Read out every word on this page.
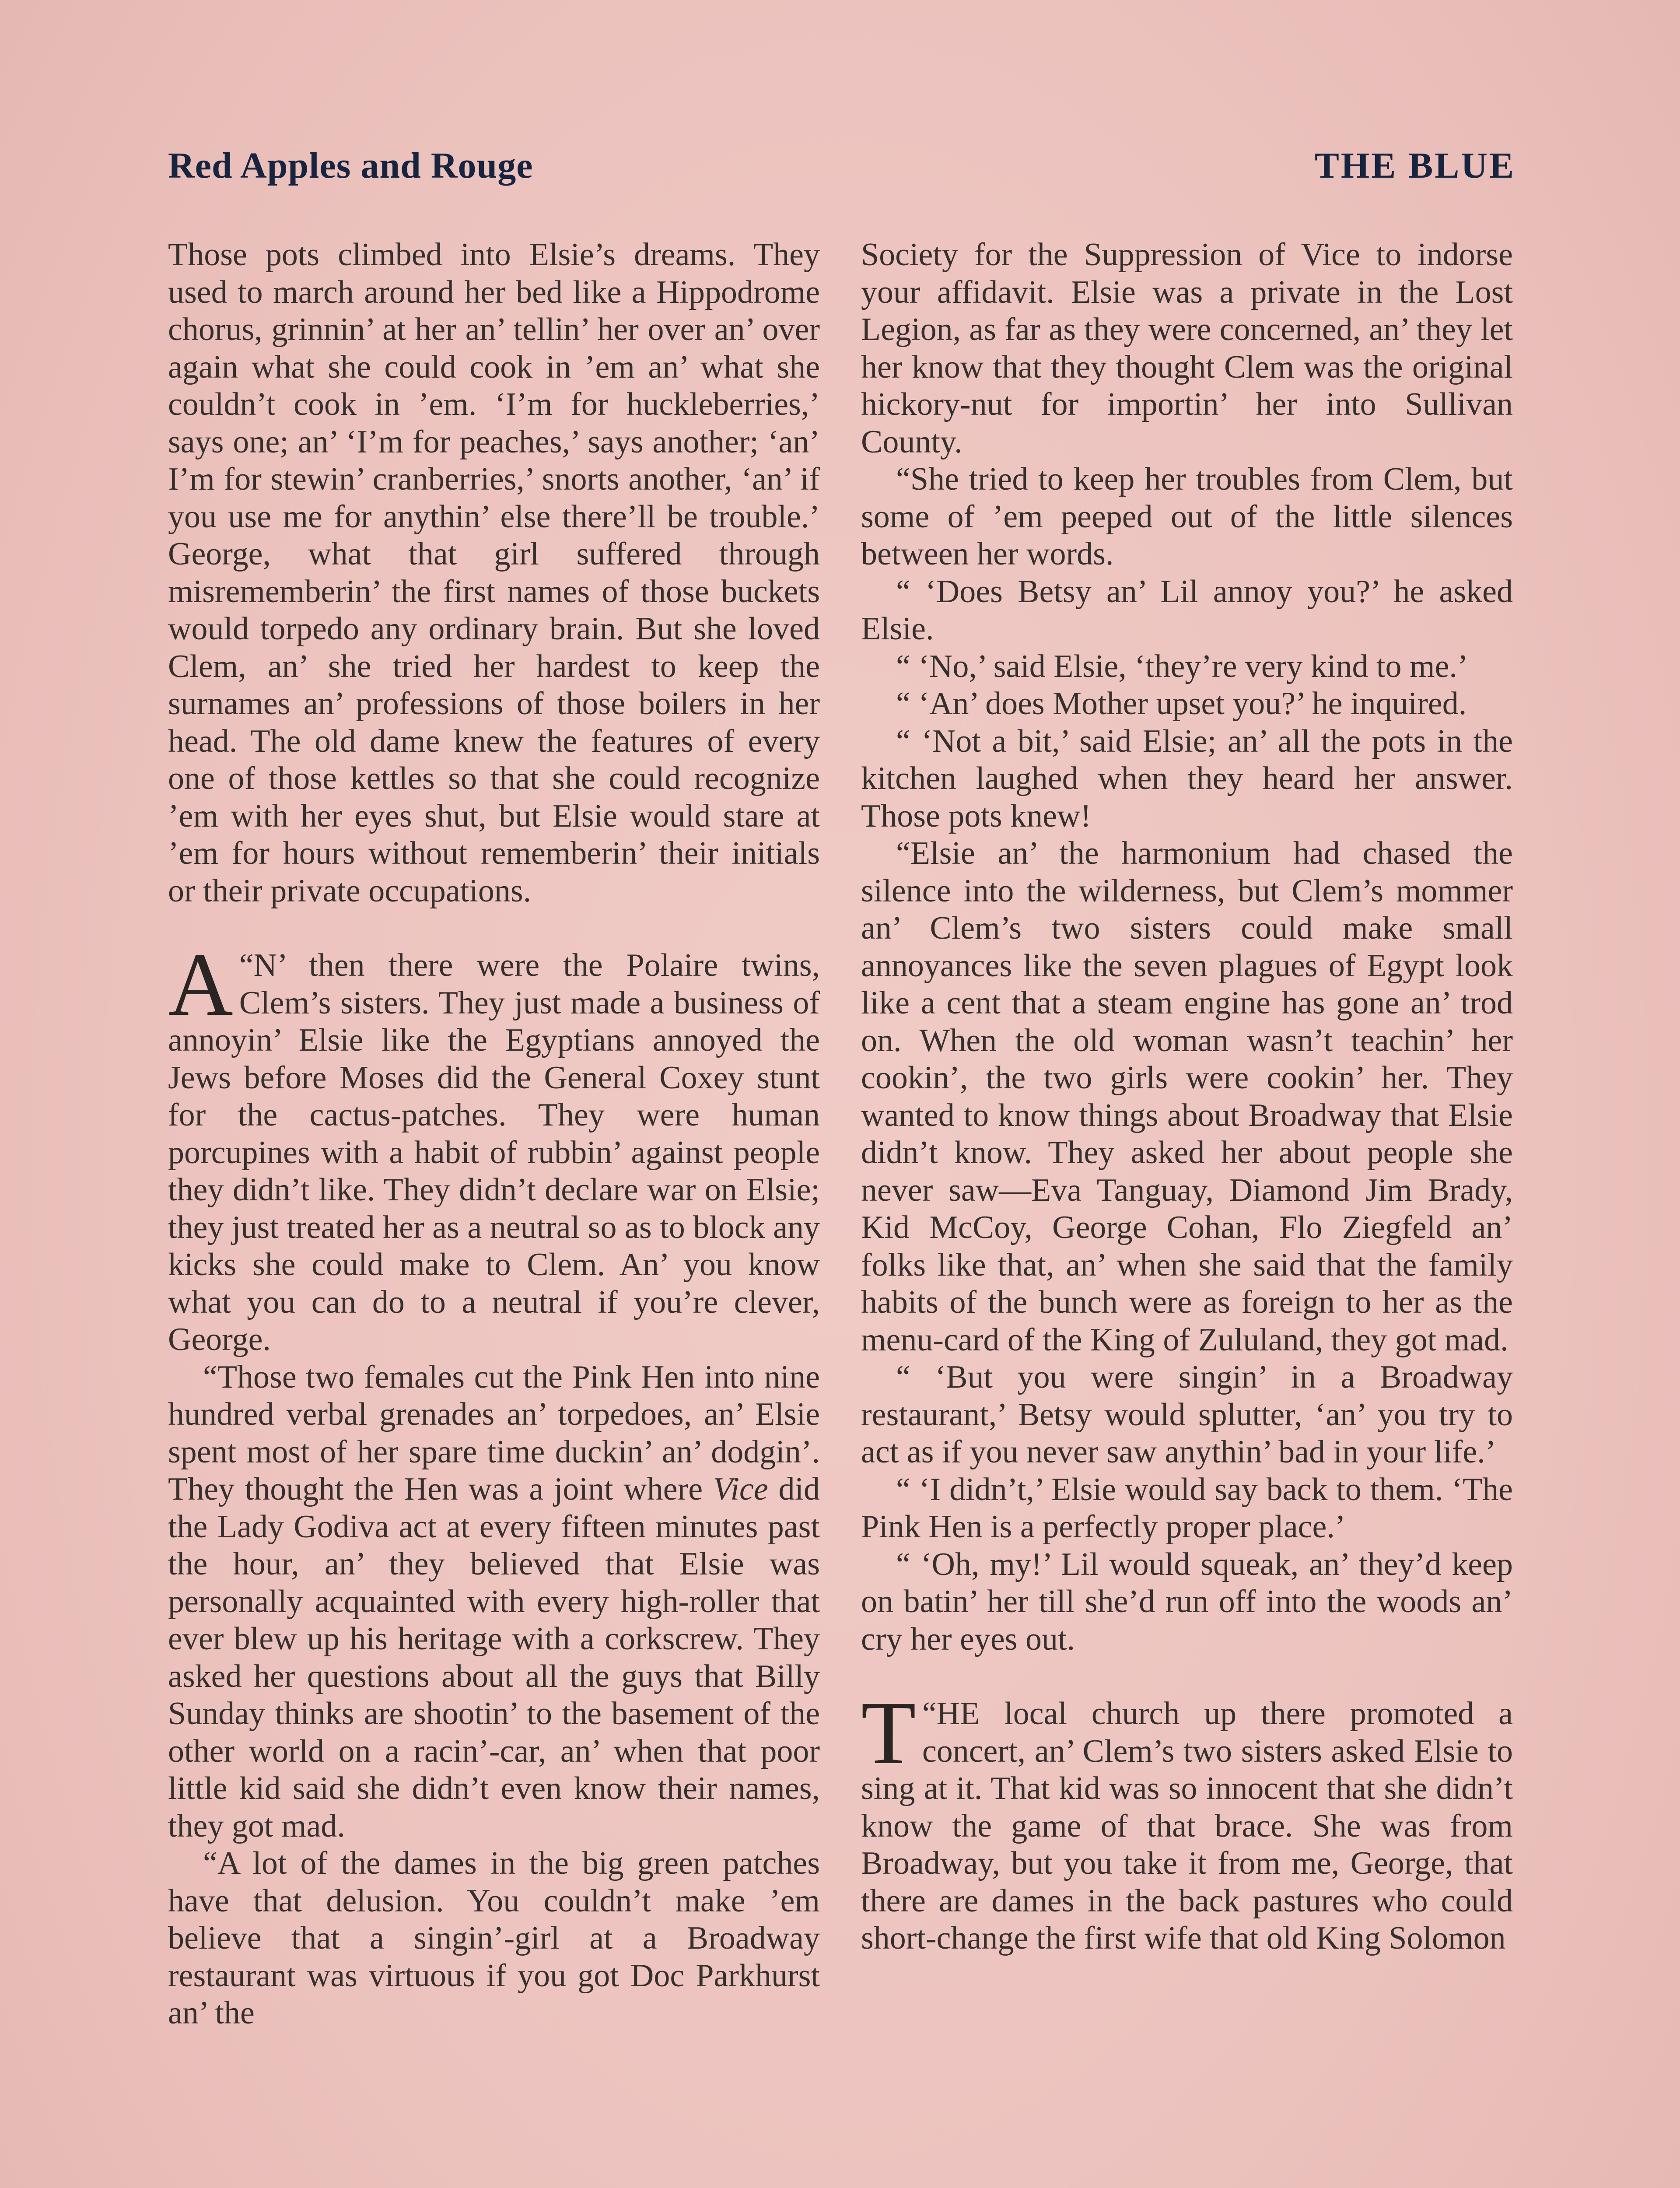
Red Apples and Rouge	THE BLUE

Those pots climbed into Elsie’s dreams. They used to march around her bed like a Hippodrome chorus, grinnin’ at her an’ tellin’ her over an’ over again what she could cook in ’em an’ what she couldn’t cook in ’em. ‘I’m for huckleberries,’ says one; an’ ‘I’m for peaches,’ says another; ‘an’ I’m for stewin’ cranberries,’ snorts another, ‘an’ if you use me for anythin’ else there’ll be trouble.’ George, what that girl suffered through misrememberin’ the first names of those buckets would torpedo any ordinary brain. But she loved Clem, an’ she tried her hardest to keep the surnames an’ professions of those boilers in her head. The old dame knew the features of every one of those kettles so that she could recognize ’em with her eyes shut, but Elsie would stare at ’em for hours without rememberin’ their initials or their private occupations.

“
A N’ then there were the Polaire twins, Clem’s sisters. They just made a business of annoyin’ Elsie like the Egyptians annoyed the Jews before Moses did the General Coxey stunt for the cactus-patches. They were human porcupines with a habit of rubbin’ against people they didn’t like. They didn’t declare war on Elsie; they just treated her as a neutral so as to block any kicks she could make to Clem. An’ you know what you can do to a neutral if you’re clever, George.

“Those two females cut the Pink Hen into nine hundred verbal grenades an’ torpedoes, an’ Elsie spent most of her spare time duckin’ an’ dodgin’. They thought the Hen was a joint where Vice did the Lady Godiva act at every fifteen minutes past the hour, an’ they believed that Elsie was personally acquainted with every high-roller that ever blew up his heritage with a corkscrew. They asked her questions about all the guys that Billy Sunday thinks are shootin’ to the basement of the other world on a racin’-car, an’ when that poor little kid said she didn’t even know their names, they got mad.

“A lot of the dames in the big green patches have that delusion. You couldn’t make ’em believe that a singin’-girl at a Broadway restaurant was virtuous if you got Doc Parkhurst an’ the

Society for the Suppression of Vice to indorse your affidavit. Elsie was a private in the Lost Legion, as far as they were concerned, an’ they let her know that they thought Clem was the original hickory-nut for importin’ her into Sullivan County.

“She tried to keep her troubles from Clem, but some of ’em peeped out of the little silences between her words.

“ ‘Does Betsy an’ Lil annoy you?’ he asked Elsie.

“ ‘No,’ said Elsie, ‘they’re very kind to me.’

“ ‘An’ does Mother upset you?’ he inquired.

“ ‘Not a bit,’ said Elsie; an’ all the pots in the kitchen laughed when they heard her answer. Those pots knew!

“Elsie an’ the harmonium had chased the silence into the wilderness, but Clem’s mommer an’ Clem’s two sisters could make small annoyances like the seven plagues of Egypt look like a cent that a steam engine has gone an’ trod on. When the old woman wasn’t teachin’ her cookin’, the two girls were cookin’ her. They wanted to know things about Broadway that Elsie didn’t know. They asked her about people she never saw—Eva Tanguay, Diamond Jim Brady, Kid McCoy, George Cohan, Flo Ziegfeld an’ folks like that, an’ when she said that the family habits of the bunch were as foreign to her as the menu-card of the King of Zululand, they got mad.

“ ‘But you were singin’ in a Broadway restaurant,’ Betsy would splutter, ‘an’ you try to act as if you never saw anythin’ bad in your life.’

“ ‘I didn’t,’ Elsie would say back to them. ‘The Pink Hen is a perfectly proper place.’

“ ‘Oh, my!’ Lil would squeak, an’ they’d keep on batin’ her till she’d run off into the woods an’ cry her eyes out.

“
T HE local church up there promoted a concert, an’ Clem’s two sisters asked Elsie to sing at it. That kid was so innocent that she didn’t know the game of that brace. She was from Broadway, but you take it from me, George, that there are dames in the back pastures who could short-change the first wife that old King Solomon
